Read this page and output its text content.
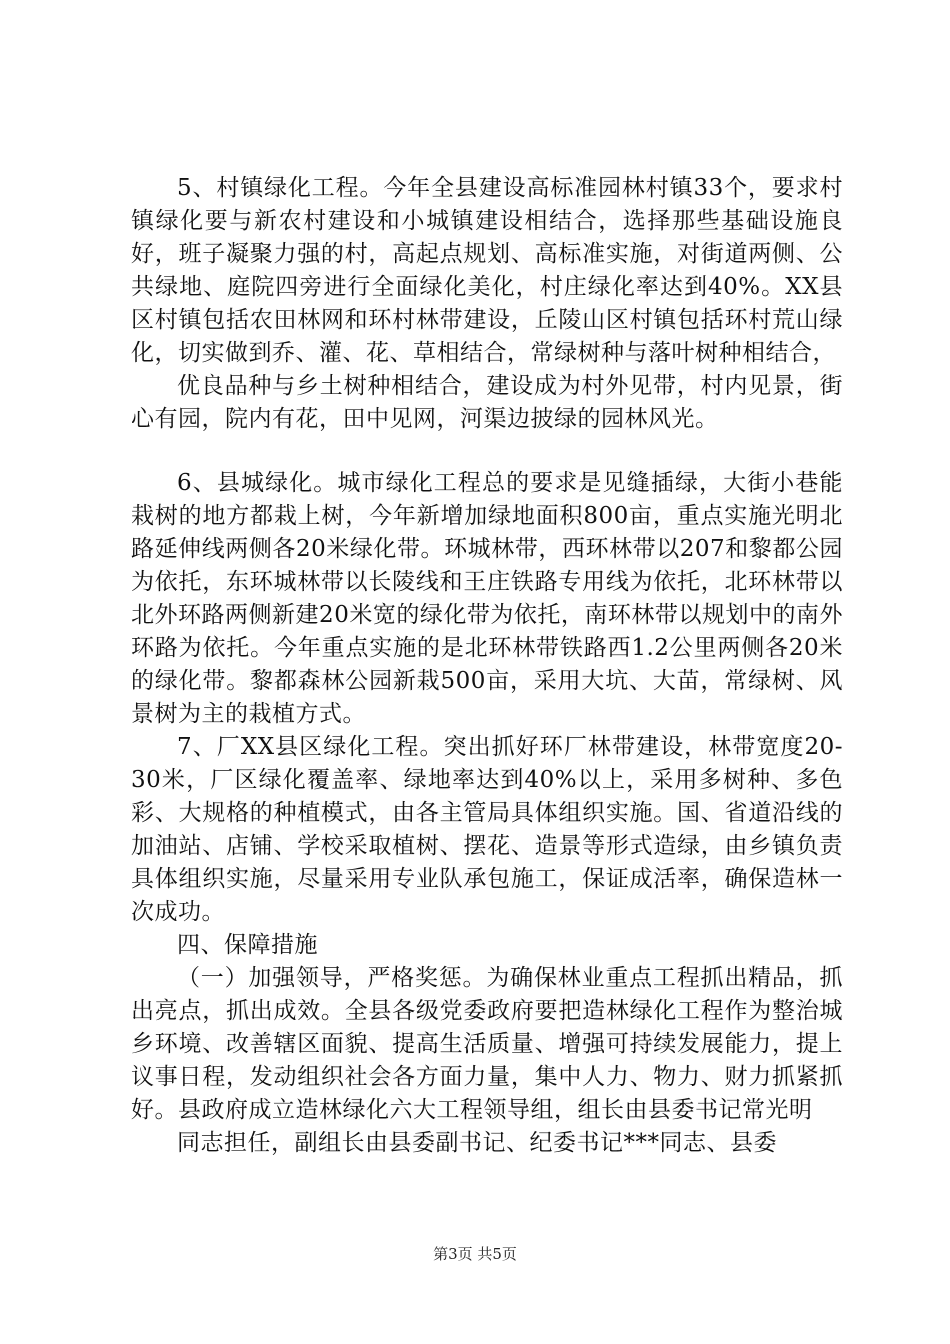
5、村镇绿化工程。今年全县建设高标准园林村镇33个，要求村镇绿化要与新农村建设和小城镇建设相结合，选择那些基础设施良好，班子凝聚力强的村，高起点规划、高标准实施，对街道两侧、公共绿地、庭院四旁进行全面绿化美化，村庄绿化率达到40%。XX县区村镇包括农田林网和环村林带建设，丘陵山区村镇包括环村荒山绿化，切实做到乔、灌、花、草相结合，常绿树种与落叶树种相结合，

优良品种与乡土树种相结合，建设成为村外见带，村内见景，街心有园，院内有花，田中见网，河渠边披绿的园林风光。

6、县城绿化。城市绿化工程总的要求是见缝插绿，大街小巷能栽树的地方都栽上树，今年新增加绿地面积800亩，重点实施光明北路延伸线两侧各20米绿化带。环城林带，西环林带以207和黎都公园为依托，东环城林带以长陵线和王庄铁路专用线为依托，北环林带以北外环路两侧新建20米宽的绿化带为依托，南环林带以规划中的南外环路为依托。今年重点实施的是北环林带铁路西1.2公里两侧各20米的绿化带。黎都森林公园新栽500亩，采用大坑、大苗，常绿树、风景树为主的栽植方式。

7、厂XX县区绿化工程。突出抓好环厂林带建设，林带宽度20-30米，厂区绿化覆盖率、绿地率达到40%以上，采用多树种、多色彩、大规格的种植模式，由各主管局具体组织实施。国、省道沿线的加油站、店铺、学校采取植树、摆花、造景等形式造绿，由乡镇负责具体组织实施，尽量采用专业队承包施工，保证成活率，确保造林一次成功。

四、保障措施

（一）加强领导，严格奖惩。为确保林业重点工程抓出精品，抓出亮点，抓出成效。全县各级党委政府要把造林绿化工程作为整治城乡环境、改善辖区面貌、提高生活质量、增强可持续发展能力，提上议事日程，发动组织社会各方面力量，集中人力、物力、财力抓紧抓好。县政府成立造林绿化六大工程领导组，组长由县委书记常光明

同志担任，副组长由县委副书记、纪委书记***同志、县委

第3页 共5页
